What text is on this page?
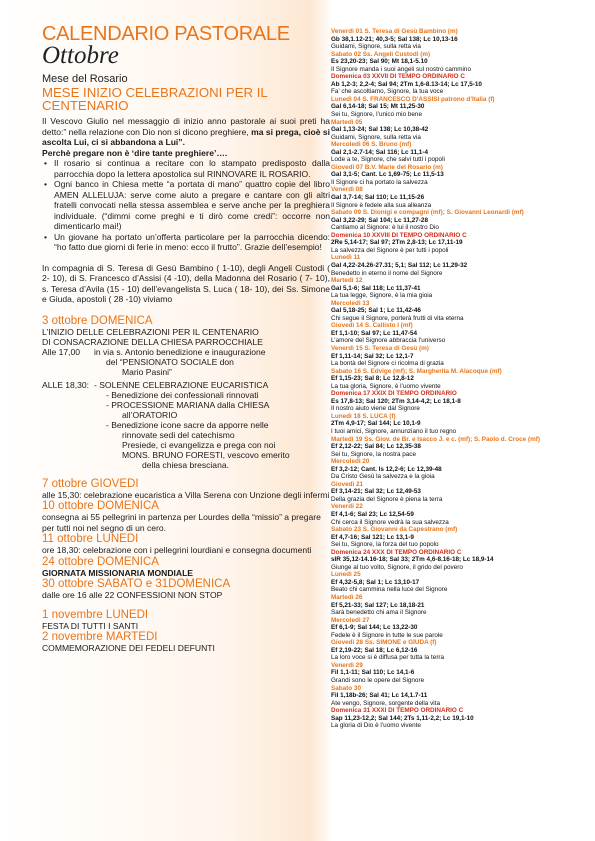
CALENDARIO PASTORALE
Ottobre
Mese del Rosario
MESE INIZIO CELEBRAZIONI PER IL CENTENARIO
Il Vescovo Giulio nel messaggio di inizio anno pastorale ai suoi preti ha detto:” nella relazione con Dio non si dicono preghiere, ma si prega, cioè si ascolta Lui, ci si abbandona a Lui”.
Perchè pregare non è ‘dire tante preghiere’….
• Il rosario si continua a recitare con lo stampato predisposto dalla parrocchia dopo la lettera apostolica sul RINNOVARE IL ROSARIO.
• Ogni banco in Chiesa mette “a portata di mano” quattro copie del libro AMEN ALLELUJA: serve come aiuto a pregare e cantare con gli altri fratelli convocati nella stessa assemblea e serve anche per la preghiera individuale. (“dimmi come preghi e ti dirò come credi”: occorre non dimenticarlo mai!)
• Un giovane ha portato un’offerta particolare per la parrocchia dicendo: “ho fatto due giorni di ferie in meno: ecco il frutto”. Grazie dell’esempio!
In compagnia di S. Teresa di Gesù Bambino ( 1-10), degli Angeli Custodi ( 2- 10), di S. Francesco d’Assisi (4 -10), della Madonna del Rosario ( 7- 10), s. Teresa d’Avila (15 - 10) dell’evangelista S. Luca ( 18- 10), dei Ss. Simone e Giuda, apostoli ( 28 -10) viviamo
3 ottobre DOMENICA
L’INIZIO DELLE CELEBRAZIONI PER IL CENTENARIO
DI CONSACRAZIONE DELLA CHIESA PARROCCHIALE
Alle 17,00	in via s. Antonio benedizione e inaugurazione
del “PENSIONATO SOCIALE don
Mario Pasini”
ALLE 18,30: - SOLENNE CELEBRAZIONE EUCARISTICA
- Benedizione dei confessionali rinnovati
- PROCESSIONE MARIANA dalla CHIESA
all’ORATORIO
- Benedizione icone sacre da apporre nelle
rinnovate sedi del catechismo
Presiede, ci evangelizza e prega con noi
MONS. BRUNO FORESTI, vescovo emerito
della chiesa bresciana.
7 ottobre GIOVEDI
alle 15,30: celebrazione eucaristica a Villa Serena con Unzione degli infermi
10 ottobre DOMENICA
consegna ai 55 pellegrini in partenza per Lourdes della “missio” a pregare per tutti noi nel segno di un cero.
11 ottobre LUNEDI
ore 18,30: celebrazione con i pellegrini lourdiani e consegna documenti
24 ottobre DOMENICA
GIORNATA MISSIONARIA MONDIALE
30 ottobre SABATO e 31DOMENICA
dalle ore 16 alle 22 CONFESSIONI NON STOP
1 novembre LUNEDI
FESTA DI TUTTI I SANTI
2 novembre MARTEDI
COMMEMORAZIONE DEI FEDELI DEFUNTI
Venerdì 01 S. Teresa di Gesù Bambino (m)
Gb 38,1.12-21; 40,3-5; Sal 138; Lc 10,13-16
Guidami, Signore, sulla retta via
Sabato 02 Ss. Angeli Custodi (m)
Es 23,20-23; Sal 90; Mt 18,1-5.10
Il Signore manda i suoi angeli sul nostro cammino
Domenica 03 XXVII DI TEMPO ORDINARIO C
Ab 1,2-3; 2,2-4; Sal 94; 2Tm 1,6-8.13-14; Lc 17,5-10
Fa’ che ascoltiamo, Signore, la tua voce
Lunedì 04 S. FRANCESCO D’ASSISI patrono d’Italia (f)
Gal 6,14-18; Sal 15; Mt 11,25-30
Sei tu, Signore, l’unico mio bene
Martedì 05
Gal 1,13-24; Sal 138; Lc 10,38-42
Guidami, Signore, sulla retta via
Mercoledì 06 S. Bruno (mf)
Gal 2,1-2.7-14; Sal 116; Lc 11,1-4
Lode a te, Signore, che salvi tutti i popoli
Giovedì 07 B.V. Marie del Rosario (m)
Gal 3,1-5; Cant. Lc 1,69-75; Lc 11,5-13
Il Signore ci ha portato la salvezza
Venerdì 08
Gal 3,7-14; Sal 110; Lc 11,15-26
Il Signore è fedele alla sua alleanza
Sabato 09 S. Dionigi e compagni (mf); S. Giovanni Leonardi (mf)
Gal 3,22-29; Sal 104; Lc 11,27-28
Cantiamo al Signore: è lui il nostro Dio
Domenica 10 XXVIII DI TEMPO ORDINARIO C
2Re 5,14-17; Sal 97; 2Tm 2,8-13; Lc 17,11-19
La salvezza del Signore è per tutti i popoli
Lunedì 11
Gal 4,22-24.26-27.31; 5,1; Sal 112; Lc 11,29-32
Benedetto in eterno il nome del Signore
Martedì 12
Gal 5,1-6; Sal 118; Lc 11,37-41
La tua legge, Signore, è la mia gioia
Mercoledì 13
Gal 5,18-25; Sal 1; Lc 11,42-46
Chi segue il Signore, porterà frutti di vita eterna
Giovedì 14 S. Callisto I (mf)
Ef 1,1-10; Sal 97; Lc 11,47-54
L’amore del Signore abbraccia l’universo
Venerdì 15 S. Teresa di Gesù (m)
Ef 1,11-14; Sal 32; Lc 12,1-7
La bontà del Signore ci ricolma di grazia
Sabato 16 S. Edvige (mf); S. Margherita M. Alacoque (mf)
Ef 1,15-23; Sal 8; Lc 12,8-12
La tua gloria, Signore, è l’uomo vivente
Domenica 17 XXIX DI TEMPO ORDINARIO
Es 17,8-13; Sal 120; 2Tm 3,14-4,2; Lc 18,1-8
Il nostro aiuto viene dal Signore
Lunedì 18 S. LUCA (f)
2Tm 4,9-17; Sal 144; Lc 10,1-9
I tuoi amici, Signore, annunziano il tuo regno
Martedì 19 Ss. Giov. de Br. e Isacco J. e c. (mf); S. Paolo d. Croce (mf)
Ef 2,12-22; Sal 84; Lc 12,35-38
Sei tu, Signore, la nostra pace
Mercoledì 20
Ef 3,2-12; Cant. Is 12,2-6; Lc 12,39-48
Da Cristo Gesù la salvezza e la gioia
Giovedì 21
Ef 3,14-21; Sal 32; Lc 12,49-53
Della grazia del Signore è piena la terra
Venerdì 22
Ef 4,1-6; Sal 23; Lc 12,54-59
Chi cerca il Signore vedrà la sua salvezza
Sabato 23 S. Giovanni da Capestrano (mf)
Ef 4,7-16; Sal 121; Lc 13,1-9
Sei tu, Signore, la forza del tuo popolo
Domenica 24 XXX DI TEMPO ORDINARIO C
sIR 35,12-14.16-18; Sal 33; 2Tm 4,6-8.16-18; Lc 18,9-14
Giunge al tuo volto, Signore, il grido del povero
Lunedì 25
Ef 4,32-5,8; Sal 1; Lc 13,10-17
Beato chi cammina nella luce del Signore
Martedì 26
Ef 5,21-33; Sal 127; Lc 18,18-21
Sarà benedetto chi ama il Signore
Mercoledì 27
Ef 6,1-9; Sal 144; Lc 13,22-30
Fedele è il Signore in tutte le sue parole
Giovedì 28 Ss. SIMONE e GIUDA (f)
Ef 2,19-22; Sal 18; Lc 6,12-16
La loro voce si è diffusa per tutta la terra
Venerdì 29
Fil 1,1-11; Sal 110; Lc 14,1-6
Grandi sono le opere del Signore
Sabato 30
Fil 1,18b-26; Sal 41; Lc 14,1.7-11
Ate vengo, Signore, sorgente della vita
Domenica 31 XXXI DI TEMPO ORDINARIO C
Sap 11,23-12,2; Sal 144; 2Ts 1,11-2,2; Lc 19,1-10
La gloria di Dio è l’uomo vivente
